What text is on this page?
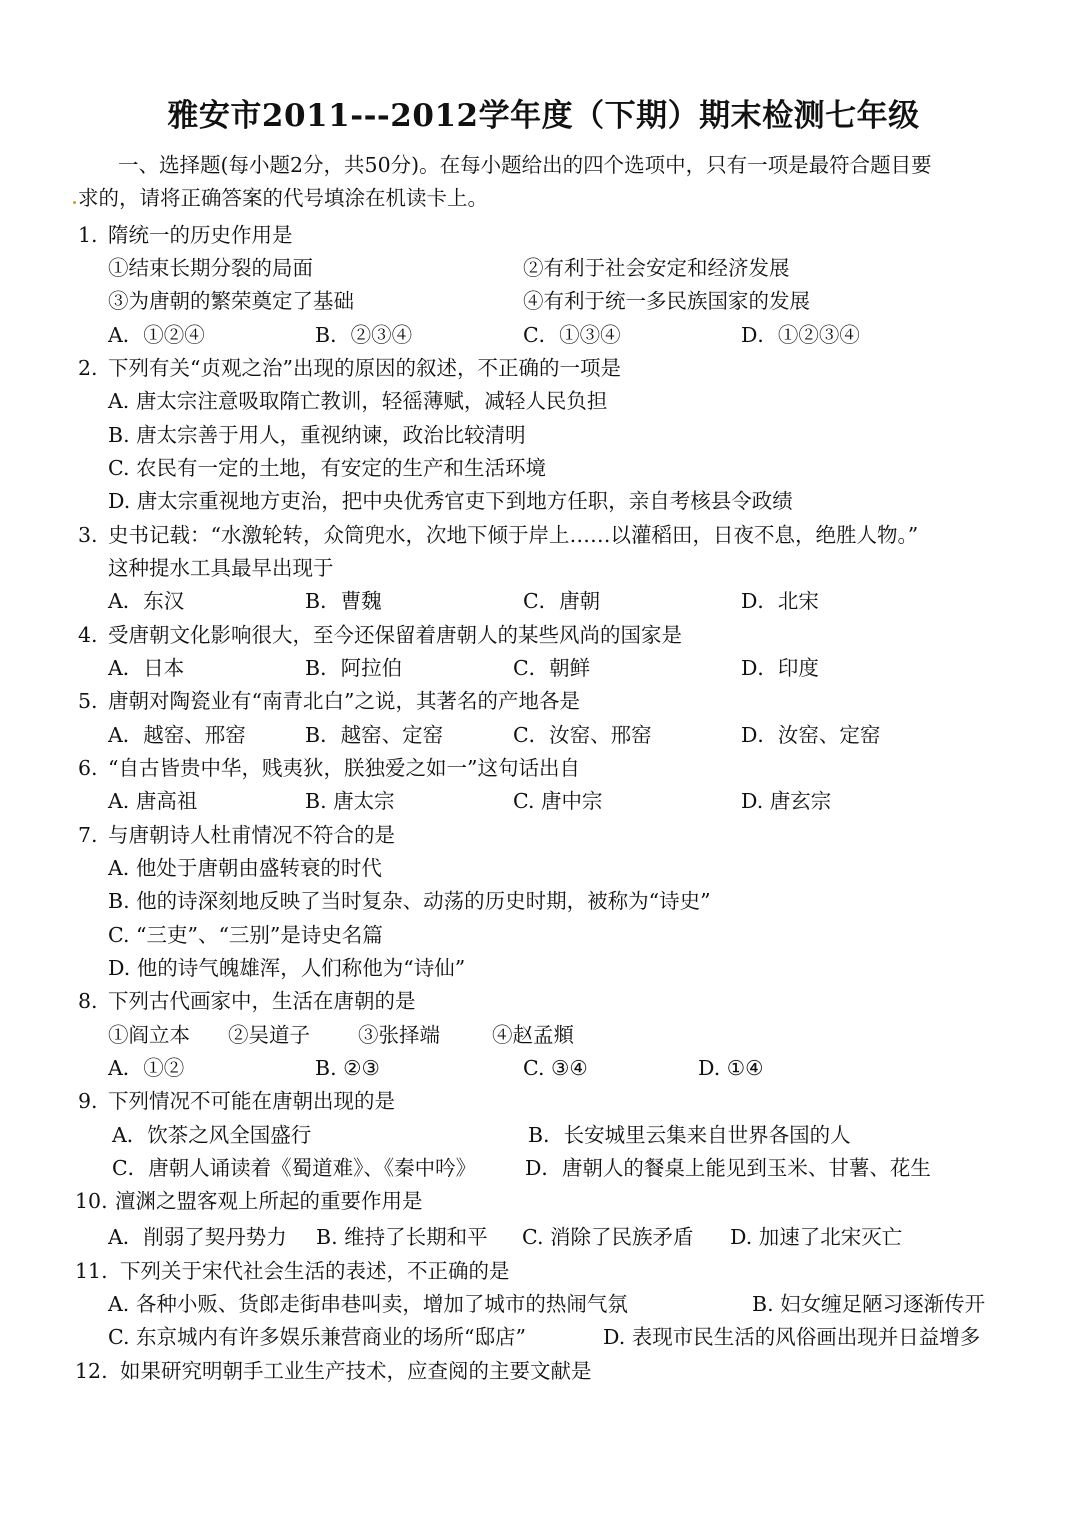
雅安市2011---2012学年度（下期）期末检测七年级
一、选择题(每小题2分，共50分)。在每小题给出的四个选项中，只有一项是最符合题目要
求的，请将正确答案的代号填涂在机读卡上。
1. 隋统一的历史作用是
①结束长期分裂的局面	②有利于社会安定和经济发展
③为唐朝的繁荣奠定了基础	④有利于统一多民族国家的发展
A．①②④	B．②③④	C．①③④	D．①②③④
2. 下列有关“贞观之治”出现的原因的叙述，不正确的一项是
A. 唐太宗注意吸取隋亡教训，轻徭薄赋，减轻人民负担
B. 唐太宗善于用人，重视纳谏，政治比较清明
C. 农民有一定的土地，有安定的生产和生活环境
D. 唐太宗重视地方吏治，把中央优秀官吏下到地方任职，亲自考核县令政绩
3. 史书记载：“水激轮转，众筒兜水，次地下倾于岸上……以灌稻田，日夜不息，绝胜人物。”
这种提水工具最早出现于
A．东汉	B．曹魏	C．唐朝	D．北宋
4. 受唐朝文化影响很大，至今还保留着唐朝人的某些风尚的国家是
A．日本	B．阿拉伯	C．朝鲜	D．印度
5. 唐朝对陶瓷业有“南青北白”之说，其著名的产地各是
A．越窑、邢窑	B．越窑、定窑	C．汝窑、邢窑	D．汝窑、定窑
6. “自古皆贵中华，贱夷狄，朕独爱之如一”这句话出自
A. 唐高祖	B. 唐太宗	C. 唐中宗	D. 唐玄宗
7. 与唐朝诗人杜甫情况不符合的是
A. 他处于唐朝由盛转衰的时代
B. 他的诗深刻地反映了当时复杂、动荡的历史时期，被称为“诗史”
C. “三吏”、“三别”是诗史名篇
D. 他的诗气魄雄浑，人们称他为“诗仙”
8. 下列古代画家中，生活在唐朝的是
①阎立本 ②吴道子 ③张择端	④赵孟頫
A．①②	B. ②③	C. ③④	D. ①④
9. 下列情况不可能在唐朝出现的是
A．饮茶之风全国盛行	B．长安城里云集来自世界各国的人
C．唐朝人诵读着《蜀道难》、《秦中吟》 D．唐朝人的餐桌上能见到玉米、甘薯、花生
10. 澶渊之盟客观上所起的重要作用是
A．削弱了契丹势力 B. 维持了长期和平 C. 消除了民族矛盾 D. 加速了北宋灭亡
11. 下列关于宋代社会生活的表述，不正确的是
A. 各种小贩、货郎走街串巷叫卖，增加了城市的热闹气氛	B. 妇女缠足陋习逐渐传开
C. 东京城内有许多娱乐兼营商业的场所“邸店”	D. 表现市民生活的风俗画出现并日益增多
12. 如果研究明朝手工业生产技术，应查阅的主要文献是
